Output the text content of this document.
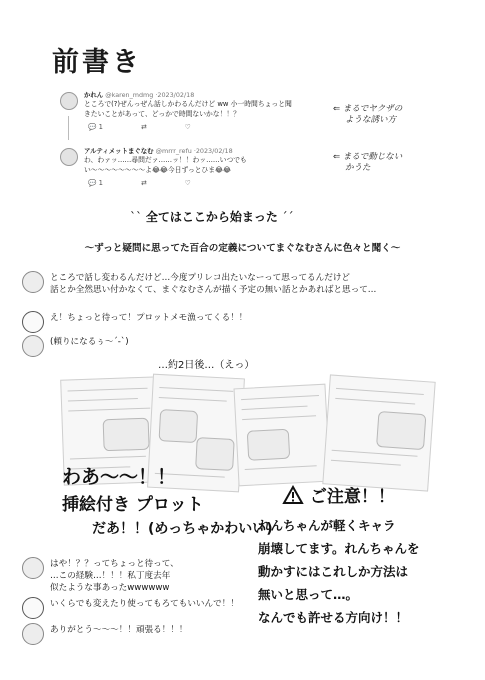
前書き
かれん @karen_mdmg ·2023/02/18
ところで(?)ぜんっぜん話しかわるんだけど ww 小一時間ちょっと聞きたいことがあって、どっかで時間ないかな！！？
💬 1	⇄	♡
アルティメットまぐなむ @mrrr_refu ·2023/02/18
わ、わァッ……尋問だァ……ッ！！わッ……いつでもい〜〜〜〜〜〜〜〜よ😂😂今日ずっとひま😂😂
💬 1	⇄	♡
⇐ まるでヤクザの
ような誘い方
⇐ まるで動じない
かうた
ˋˋ 全てはここから始まった ˊˊ
〜ずっと疑問に思ってた百合の定義についてまぐなむさんに色々と聞く〜
ところで話し変わるんだけど…今度プリレコ出たいなーって思ってるんだけど
話とか全然思い付かなくて、まぐなむさんが描く予定の無い話とかあればと思って…
え！ちょっと待って！プロットメモ漁ってくる！！
(頼りになるぅ〜´-`)
…約2日後…（えっ）
わあ〜〜！！
挿絵付き プロット
だあ！！(めっちゃかわいい)
ご注意！！
れんちゃんが軽くキャラ
崩壊してます。れんちゃんを
動かすにはこれしか方法は
無いと思って…。
なんでも許せる方向け！！
はや！？？ってちょっと待って、
…この経験…！！！私丁度去年
似たような事あったwwwwww
いくらでも変えたり使ってもろてもいいんで！！
ありがとう〜〜〜！！頑張る！！！
